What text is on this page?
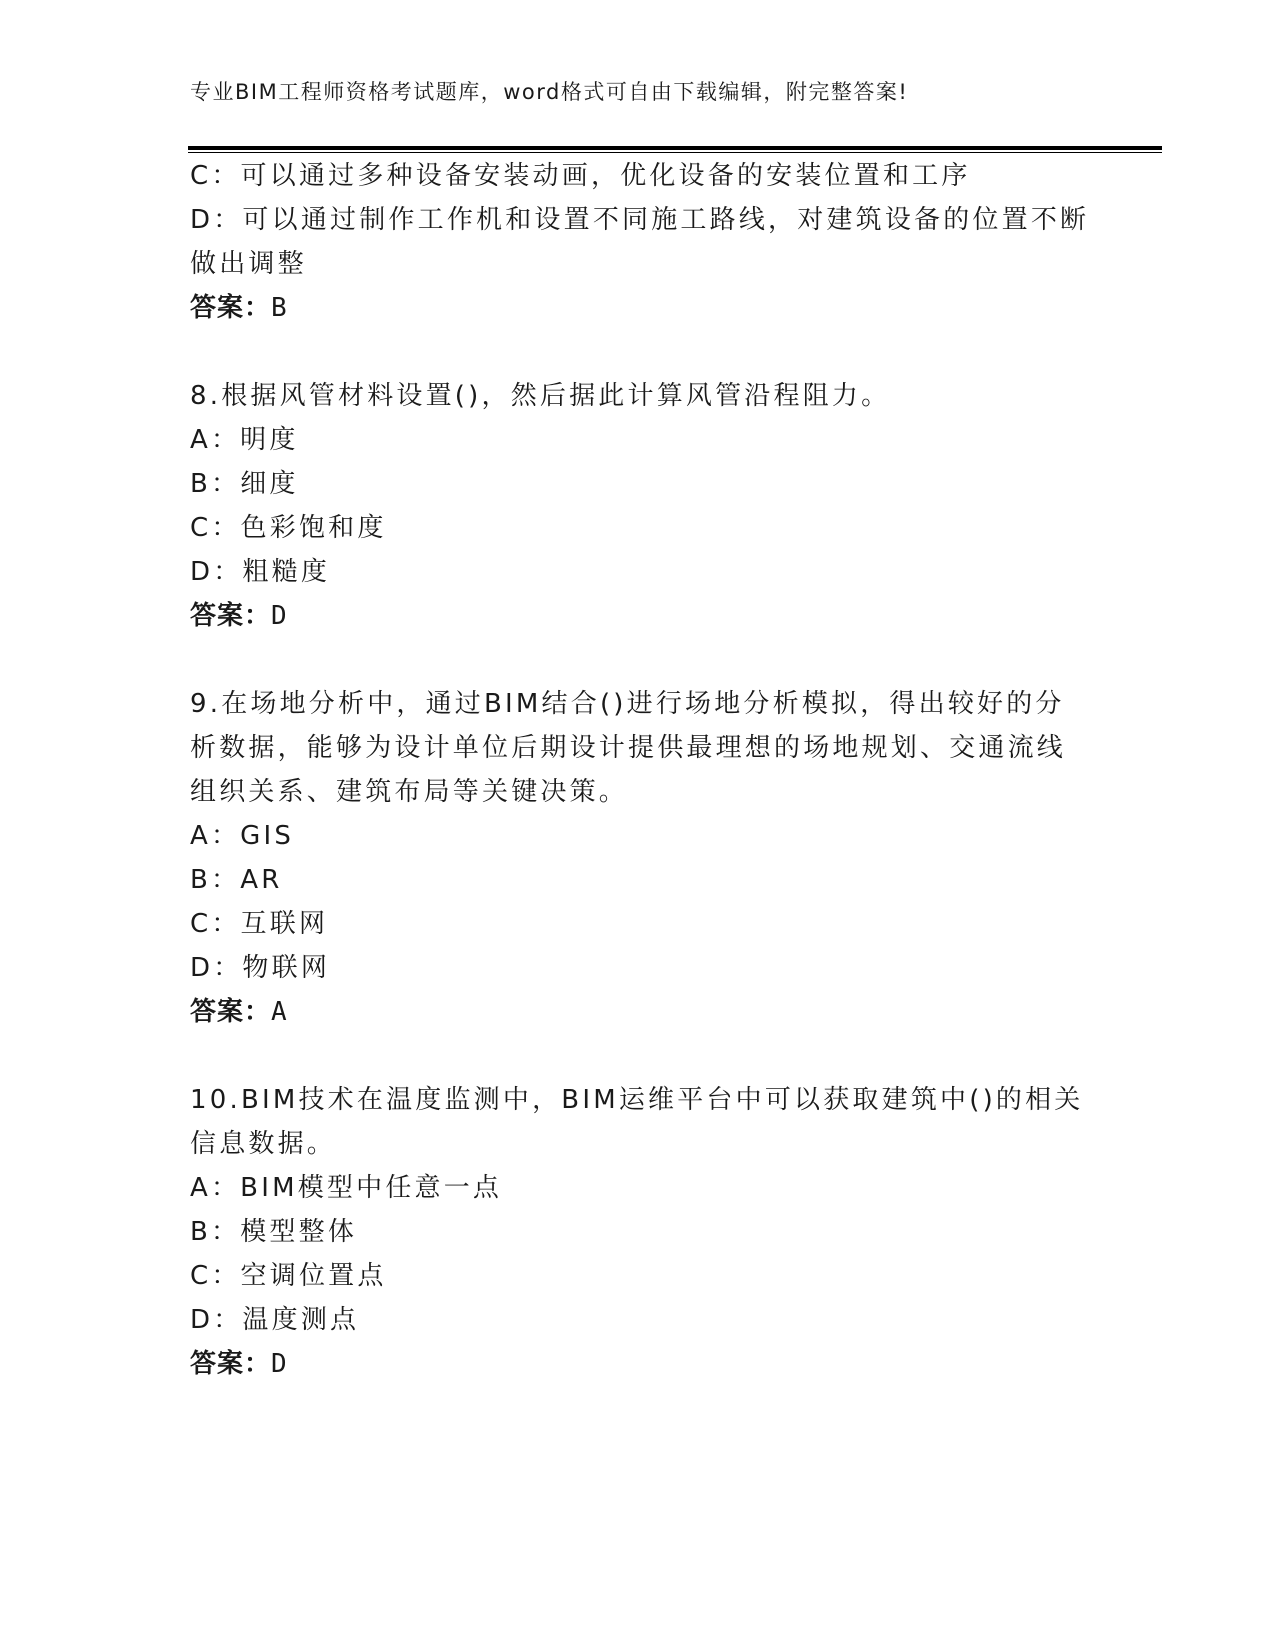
专业BIM工程师资格考试题库，word格式可自由下载编辑，附完整答案!
C：可以通过多种设备安装动画，优化设备的安装位置和工序
D：可以通过制作工作机和设置不同施工路线，对建筑设备的位置不断
做出调整
答案：B
8.根据风管材料设置()，然后据此计算风管沿程阻力。
A：明度
B：细度
C：色彩饱和度
D：粗糙度
答案：D
9.在场地分析中，通过BIM结合()进行场地分析模拟，得出较好的分
析数据，能够为设计单位后期设计提供最理想的场地规划、交通流线
组织关系、建筑布局等关键决策。
A：GIS
B：AR
C：互联网
D：物联网
答案：A
10.BIM技术在温度监测中，BIM运维平台中可以获取建筑中()的相关
信息数据。
A：BIM模型中任意一点
B：模型整体
C：空调位置点
D：温度测点
答案：D
